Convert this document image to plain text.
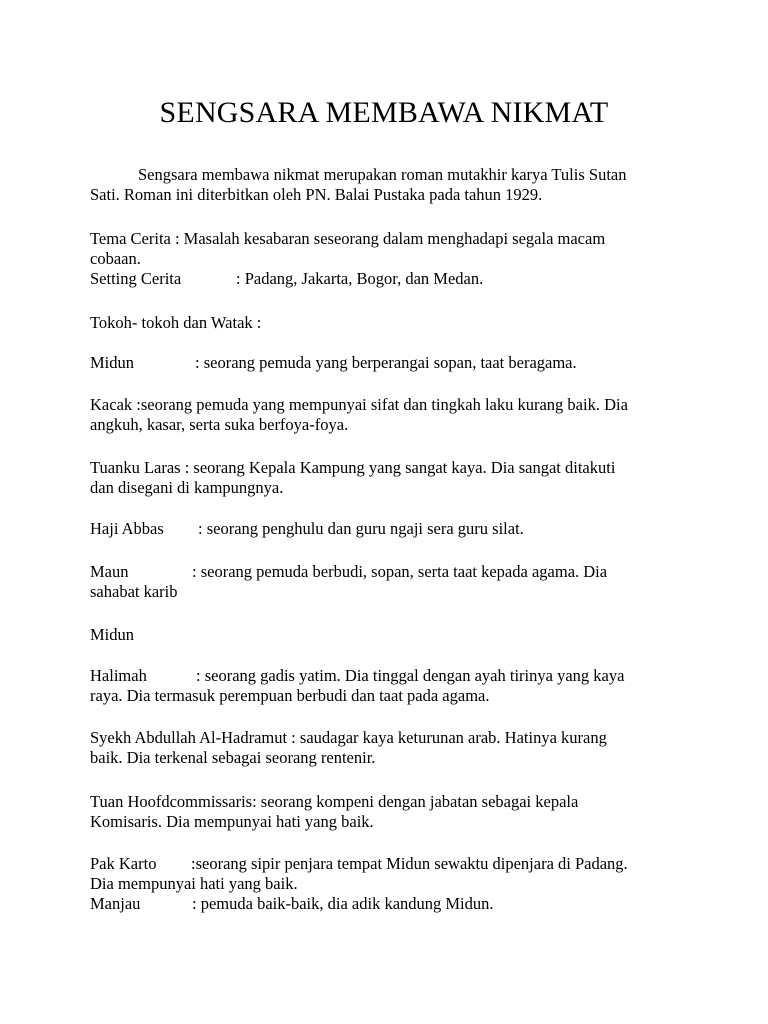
SENGSARA MEMBAWA NIKMAT
Sengsara membawa nikmat merupakan roman mutakhir karya Tulis Sutan
Sati. Roman ini diterbitkan oleh PN. Balai Pustaka pada tahun 1929.
Tema Cerita : Masalah kesabaran seseorang dalam menghadapi segala macam
cobaan.
Setting Cerita	: Padang, Jakarta, Bogor, dan Medan.
Tokoh- tokoh dan Watak :
Midun	: seorang pemuda yang berperangai sopan, taat beragama.
Kacak :seorang pemuda yang mempunyai sifat dan tingkah laku kurang baik. Dia
angkuh, kasar, serta suka berfoya-foya.
Tuanku Laras : seorang Kepala Kampung yang sangat kaya. Dia sangat ditakuti
dan disegani di kampungnya.
Haji Abbas : seorang penghulu dan guru ngaji sera guru silat.
Maun	: seorang pemuda berbudi, sopan, serta taat kepada agama. Dia
sahabat karib
Midun
Halimah	: seorang gadis yatim. Dia tinggal dengan ayah tirinya yang kaya
raya. Dia termasuk perempuan berbudi dan taat pada agama.
Syekh Abdullah Al-Hadramut : saudagar kaya keturunan arab. Hatinya kurang
baik. Dia terkenal sebagai seorang rentenir.
Tuan Hoofdcommissaris: seorang kompeni dengan jabatan sebagai kepala
Komisaris. Dia mempunyai hati yang baik.
Pak Karto :seorang sipir penjara tempat Midun sewaktu dipenjara di Padang.
Dia mempunyai hati yang baik.
Manjau	: pemuda baik-baik, dia adik kandung Midun.
